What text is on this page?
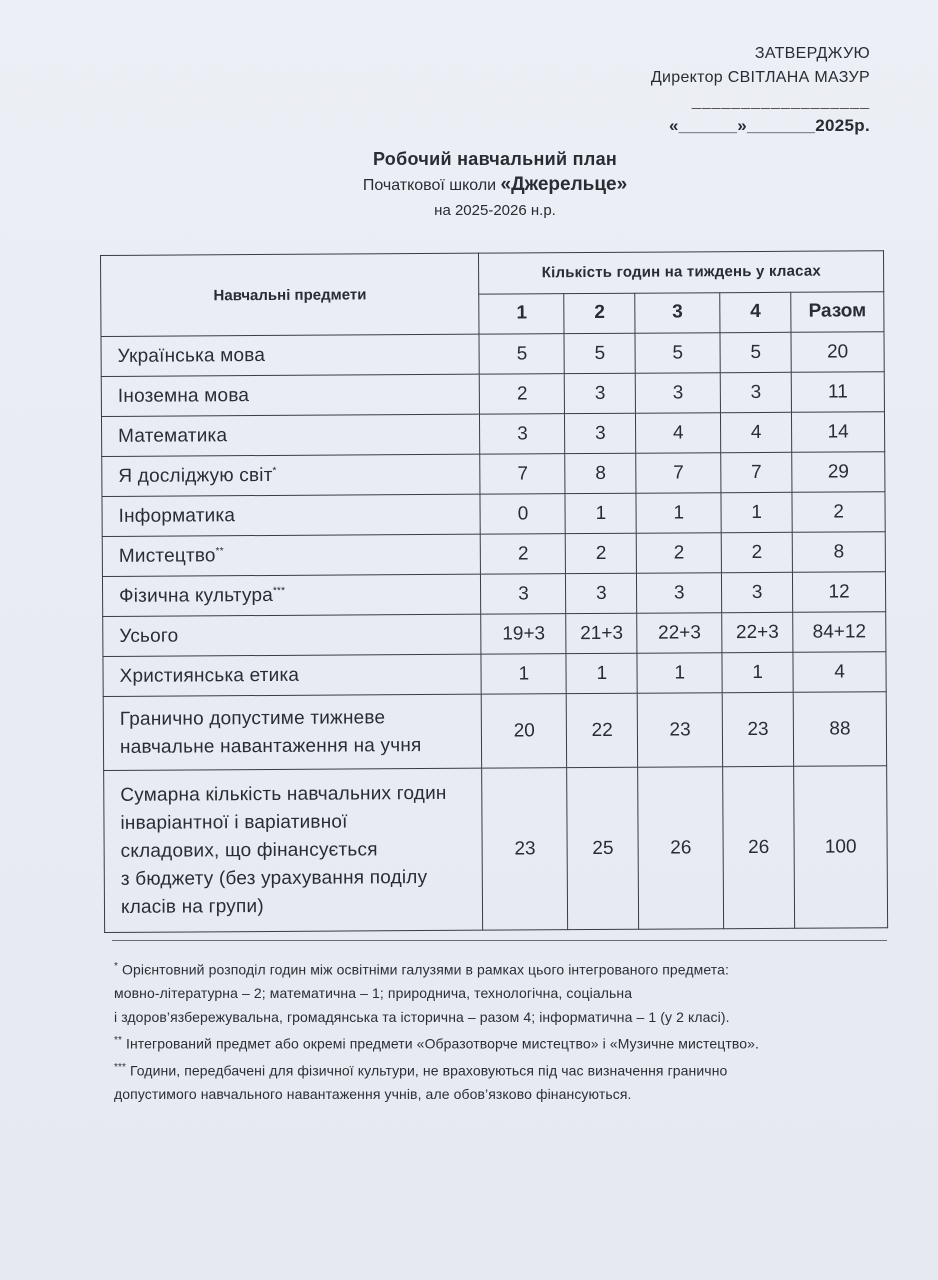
ЗАТВЕРДЖУЮ
Директор СВІТЛАНА МАЗУР
__________________
«______»_______2025р.
Робочий навчальний план
Початкової школи «Джерельце»
на 2025-2026 н.р.
Навчальні предмети	Кількість годин на тиждень у класах				
	1	2	3	4	Разом
Українська мова	5	5	5	5	20
Іноземна мова	2	3	3	3	11
Математика	3	3	4	4	14
Я досліджую світ*	7	8	7	7	29
Інформатика	0	1	1	1	2
Мистецтво**	2	2	2	2	8
Фізична культура***	3	3	3	3	12
Усього	19+3	21+3	22+3	22+3	84+12
Християнська етика	1	1	1	1	4

Гранично допустиме тижневе
навчальне навантаження на учня	20	22	23	23	88

Сумарна кількість навчальних годин
інваріантної і варіативної
складових, що фінансується
з бюджету (без урахування поділу
класів на групи)	23	25	26	26	100

* Орієнтовний розподіл годин між освітніми галузями в рамках цього інтегрованого предмета:

мовно-літературна – 2; математична – 1; природнича, технологічна, соціальна

і здоров’язбережувальна, громадянська та історична – разом 4; інформатична – 1 (у 2 класі).

** Інтегрований предмет або окремі предмети «Образотворче мистецтво» і «Музичне мистецтво».

*** Години, передбачені для фізичної культури, не враховуються під час визначення гранично

допустимого навчального навантаження учнів, але обов’язково фінансуються.
